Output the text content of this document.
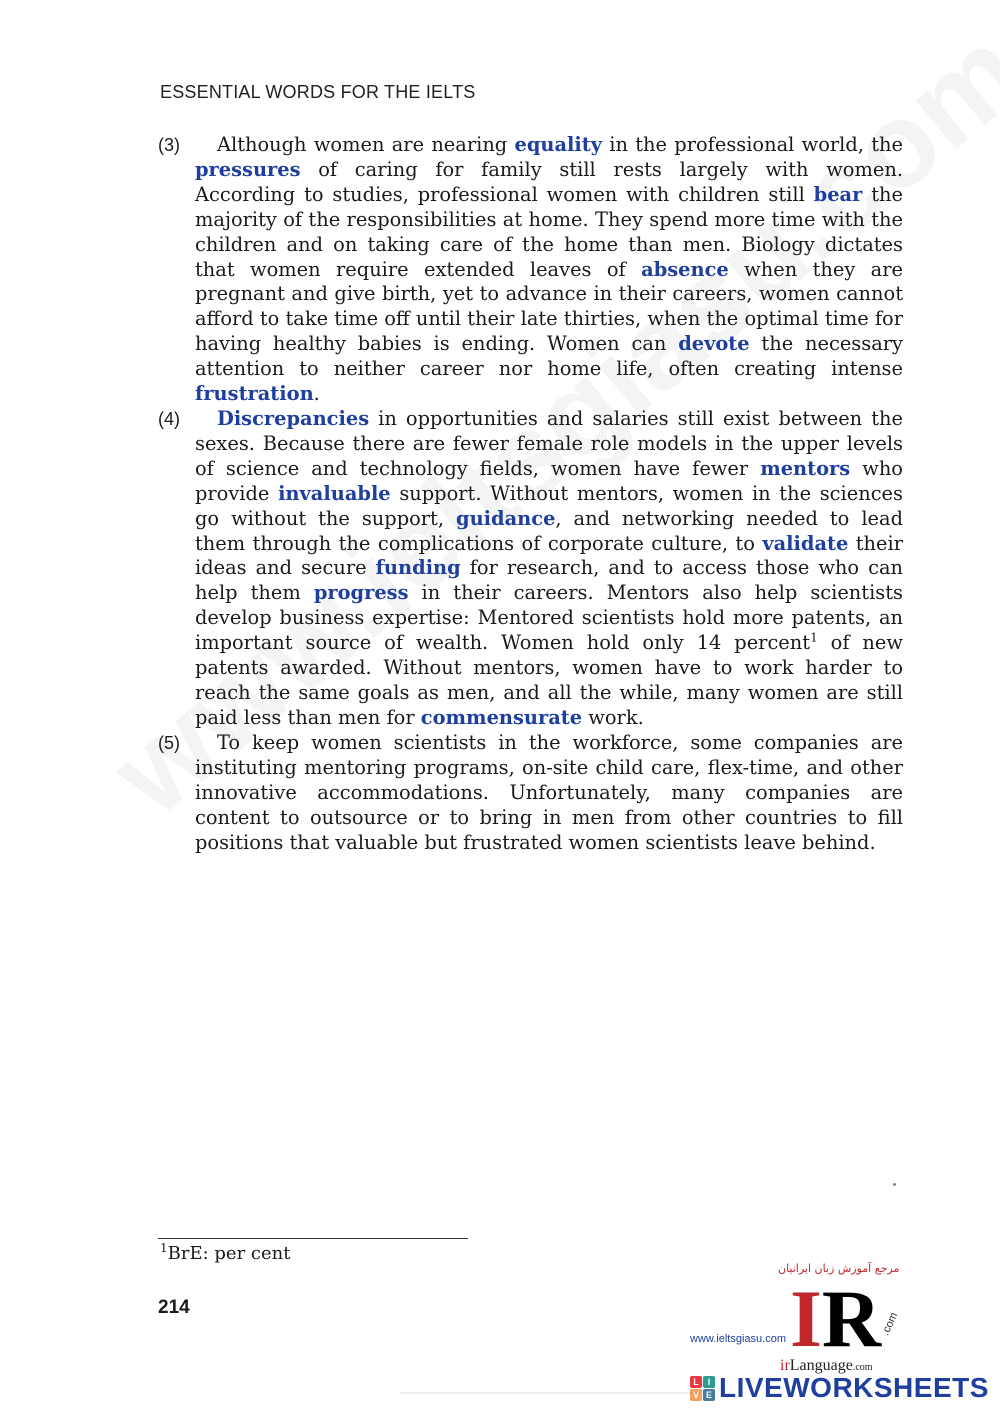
ESSENTIAL WORDS FOR THE IELTS
(3)	Although women are nearing equality in the professional world, the pressures of caring for family still rests largely with women. According to studies, professional women with children still bear the majority of the responsibilities at home. They spend more time with the children and on taking care of the home than men. Biology dictates that women require extended leaves of absence when they are pregnant and give birth, yet to advance in their careers, women cannot afford to take time off until their late thirties, when the optimal time for having healthy babies is ending. Women can devote the necessary attention to neither career nor home life, often creating intense frustration.

(4)	Discrepancies in opportunities and salaries still exist between the sexes. Because there are fewer female role models in the upper levels of science and technology fields, women have fewer mentors who provide invaluable support. Without mentors, women in the sciences go without the support, guidance, and networking needed to lead them through the complications of corporate culture, to validate their ideas and secure funding for research, and to access those who can help them progress in their careers. Mentors also help scientists develop business expertise: Mentored scientists hold more patents, an important source of wealth. Women hold only 14 percent$^1$ of new patents awarded. Without mentors, women have to work harder to reach the same goals as men, and all the while, many women are still paid less than men for commensurate work.

(5)	To keep women scientists in the workforce, some companies are instituting mentoring programs, on-site child care, flex-time, and other innovative accommodations. Unfortunately, many companies are content to outsource or to bring in men from other countries to fill positions that valuable but frustrated women scientists leave behind.

$^1$BrE: per cent
214
مرجع آموزش زبان ایرانیان
IR
.com
irLanguage.com
www.ieltsgiasu.com
L I
V E LIVEWORKSHEETS
